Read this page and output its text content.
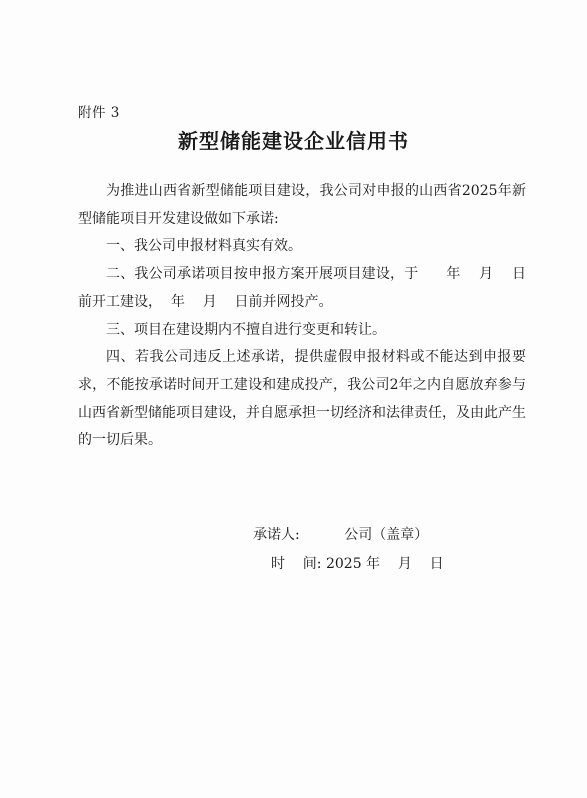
附件 3
新型储能建设企业信用书

为推进山西省新型储能项目建设，我公司对申报的山西省2025年新型储能项目开发建设做如下承诺:

一、我公司申报材料真实有效。

二、我公司承诺项目按申报方案开展项目建设，于      年    月    日前开工建设，  年    月    日前并网投产。

三、项目在建设期内不擅自进行变更和转让。

四、若我公司违反上述承诺，提供虚假申报材料或不能达到申报要求，不能按承诺时间开工建设和建成投产，我公司2年之内自愿放弃参与山西省新型储能项目建设，并自愿承担一切经济和法律责任，及由此产生的一切后果。

承诺人:          公司（盖章）
时    间: 2025 年    月    日
